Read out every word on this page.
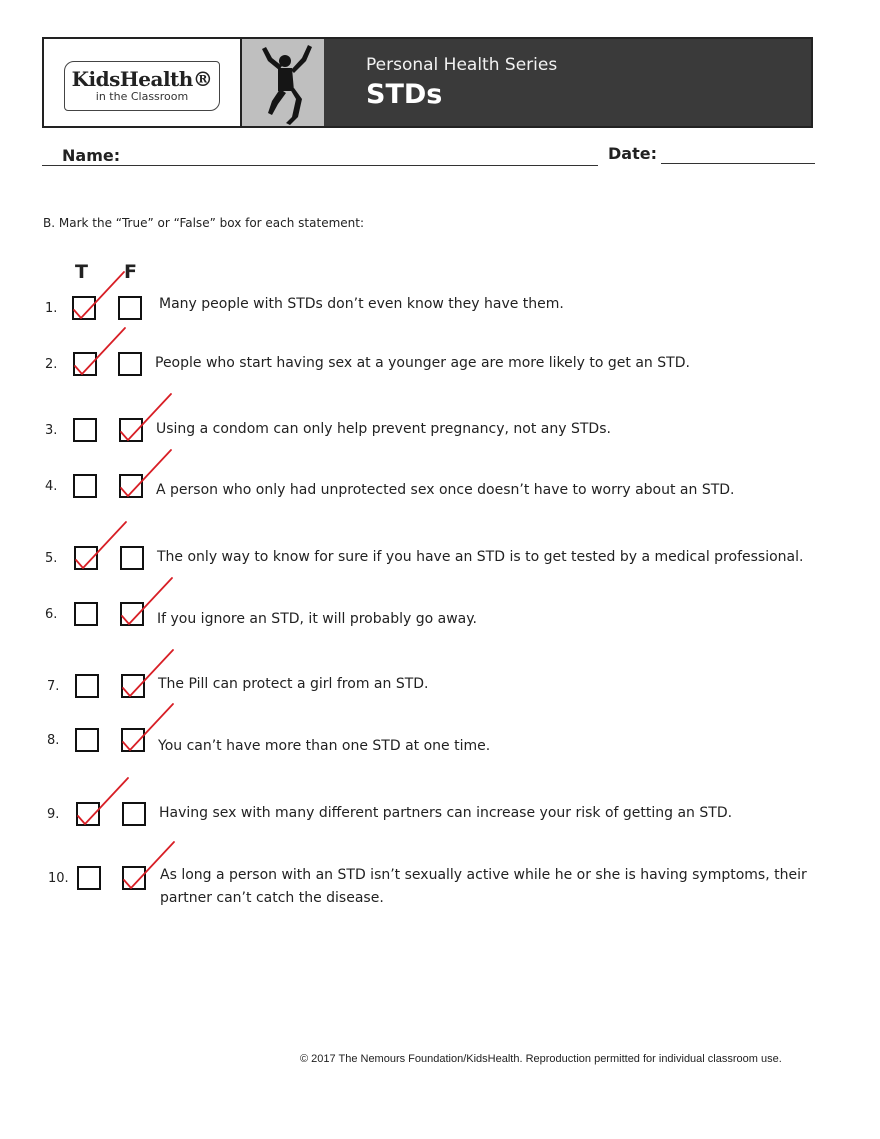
KidsHealth®
in the Classroom
Personal Health Series
STDs
Name:	Date:
B. Mark the “True” or “False” box for each statement:
T F
1.	Many people with STDs don’t even know they have them.
2.	People who start having sex at a younger age are more likely to get an STD.
3.	Using a condom can only help prevent pregnancy, not any STDs.
4.	A person who only had unprotected sex once doesn’t have to worry about an STD.
5.	The only way to know for sure if you have an STD is to get tested by a medical professional.
6.	If you ignore an STD, it will probably go away.
7.	The Pill can protect a girl from an STD.
8.	You can’t have more than one STD at one time.
9.	Having sex with many different partners can increase your risk of getting an STD.
10.	As long a person with an STD isn’t sexually active while he or she is having symptoms, their partner can’t catch the disease.
© 2017 The Nemours Foundation/KidsHealth. Reproduction permitted for individual classroom use.
